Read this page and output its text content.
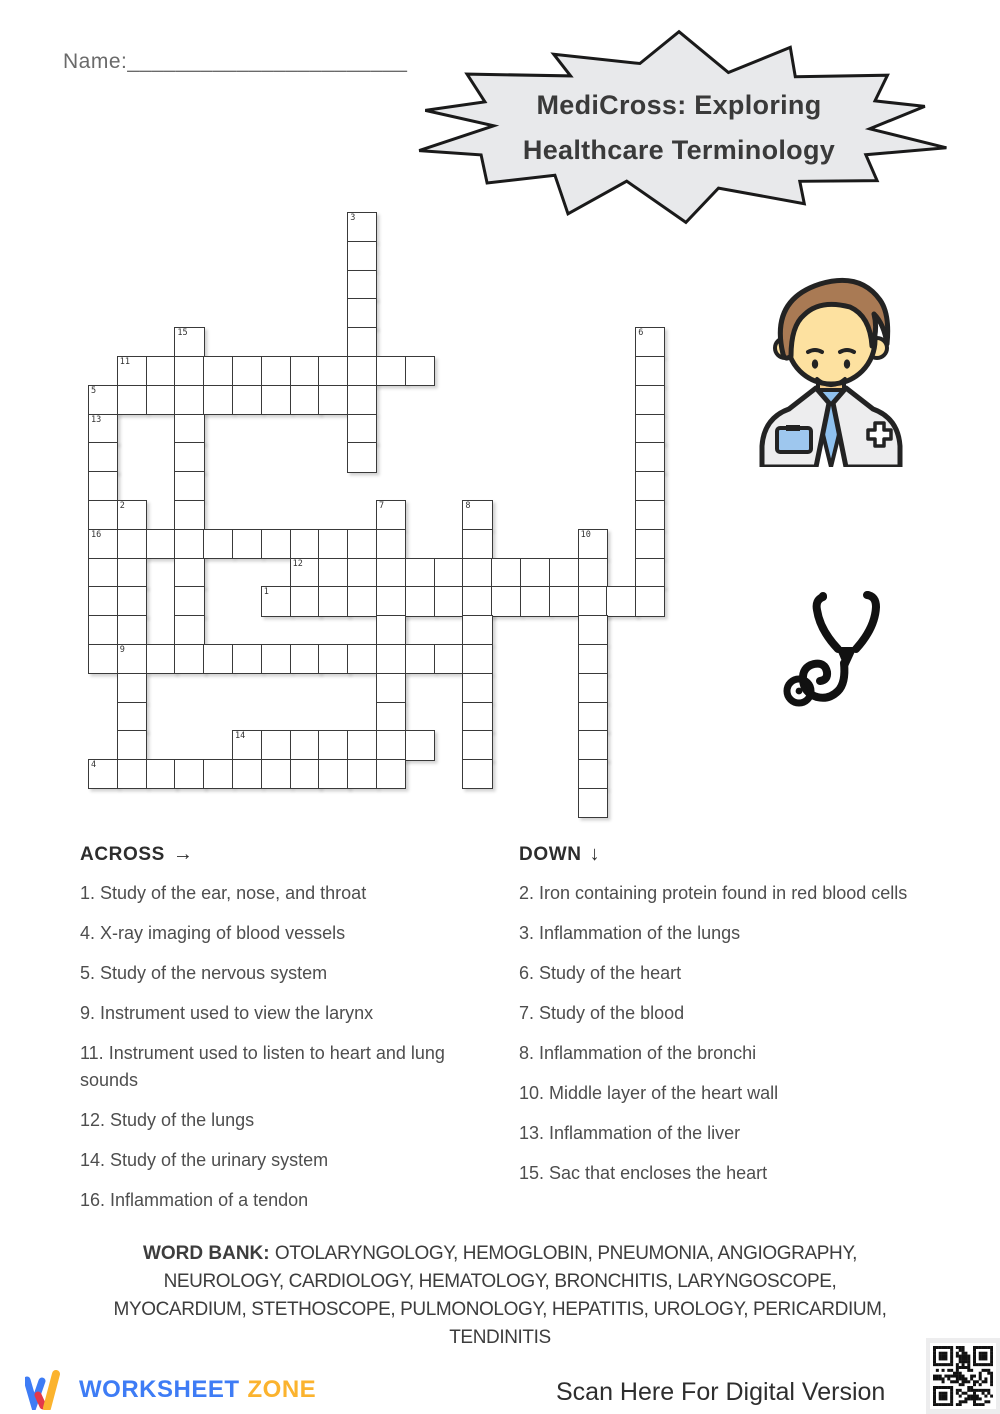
Name:_______________________
MediCross: Exploring
Healthcare Terminology
3
15	6
11
5
13
2	7	8
16	10
12
1
9
14
4
ACROSS →
1. Study of the ear, nose, and throat
4. X-ray imaging of blood vessels
5. Study of the nervous system
9. Instrument used to view the larynx
11. Instrument used to listen to heart and lung sounds
12. Study of the lungs
14. Study of the urinary system
16. Inflammation of a tendon
DOWN ↓
2. Iron containing protein found in red blood cells
3. Inflammation of the lungs
6. Study of the heart
7. Study of the blood
8. Inflammation of the bronchi
10. Middle layer of the heart wall
13. Inflammation of the liver
15. Sac that encloses the heart
WORD BANK: OTOLARYNGOLOGY, HEMOGLOBIN, PNEUMONIA, ANGIOGRAPHY,
NEUROLOGY, CARDIOLOGY, HEMATOLOGY, BRONCHITIS, LARYNGOSCOPE,
MYOCARDIUM, STETHOSCOPE, PULMONOLOGY, HEPATITIS, UROLOGY, PERICARDIUM,
TENDINITIS
WORKSHEET ZONE	Scan Here For Digital Version
